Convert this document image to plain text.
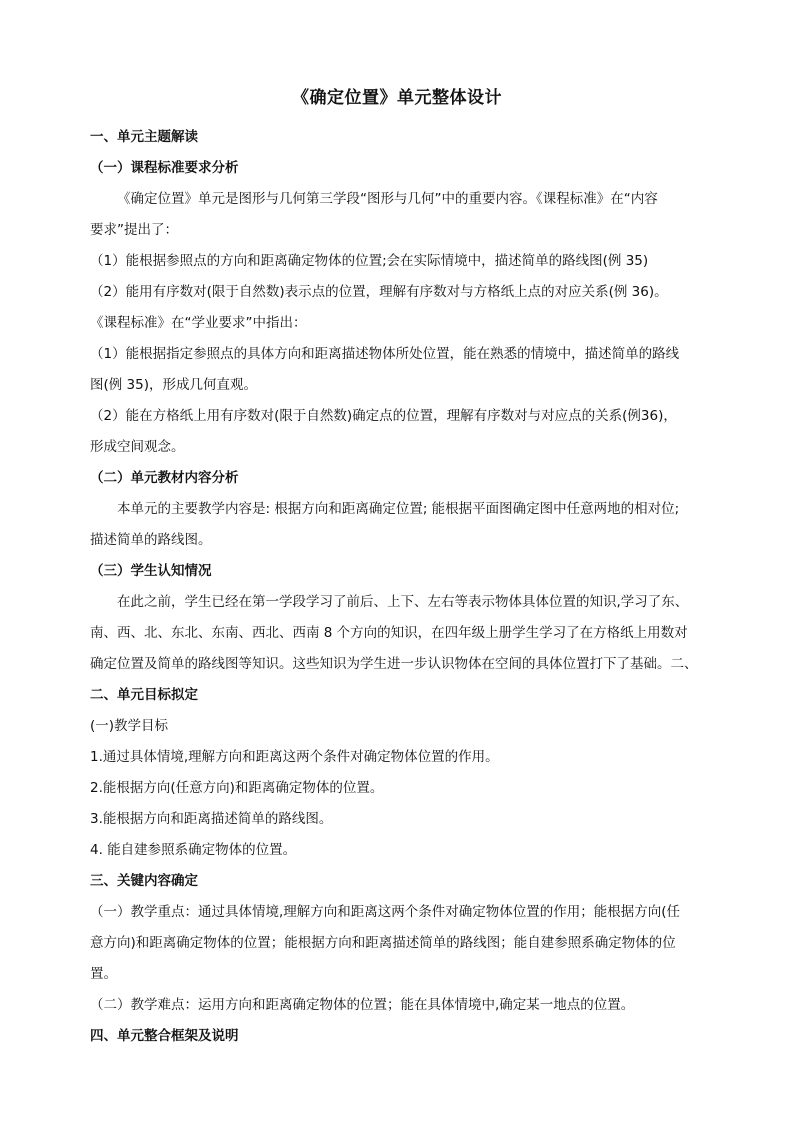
《确定位置》单元整体设计

一、单元主题解读

（一）课程标准要求分析

《确定位置》单元是图形与几何第三学段“图形与几何”中的重要内容。《课程标准》在“内容

要求”提出了：

（1）能根据参照点的方向和距离确定物体的位置;会在实际情境中，描述简单的路线图(例 35)

（2）能用有序数对(限于自然数)表示点的位置，理解有序数对与方格纸上点的对应关系(例 36)。

《课程标准》在“学业要求”中指出：

（1）能根据指定参照点的具体方向和距离描述物体所处位置，能在熟悉的情境中，描述简单的路线

图(例 35)，形成几何直观。

（2）能在方格纸上用有序数对(限于自然数)确定点的位置，理解有序数对与对应点的关系(例36)，

形成空间观念。

（二）单元教材内容分析

本单元的主要教学内容是: 根据方向和距离确定位置; 能根据平面图确定图中任意两地的相对位;

描述简单的路线图。

（三）学生认知情况

在此之前，学生已经在第一学段学习了前后、上下、左右等表示物体具体位置的知识,学习了东、

南、西、北、东北、东南、西北、西南 8 个方向的知识，在四年级上册学生学习了在方格纸上用数对

确定位置及简单的路线图等知识。这些知识为学生进一步认识物体在空间的具体位置打下了基础。二、

二、单元目标拟定

(一)教学目标

1.通过具体情境,理解方向和距离这两个条件对确定物体位置的作用。

2.能根据方向(任意方向)和距离确定物体的位置。

3.能根据方向和距离描述简单的路线图。

4. 能自建参照系确定物体的位置。

三、关键内容确定

（一）教学重点：通过具体情境,理解方向和距离这两个条件对确定物体位置的作用；能根据方向(任

意方向)和距离确定物体的位置；能根据方向和距离描述简单的路线图；能自建参照系确定物体的位

置。

（二）教学难点：运用方向和距离确定物体的位置；能在具体情境中,确定某一地点的位置。

四、单元整合框架及说明
